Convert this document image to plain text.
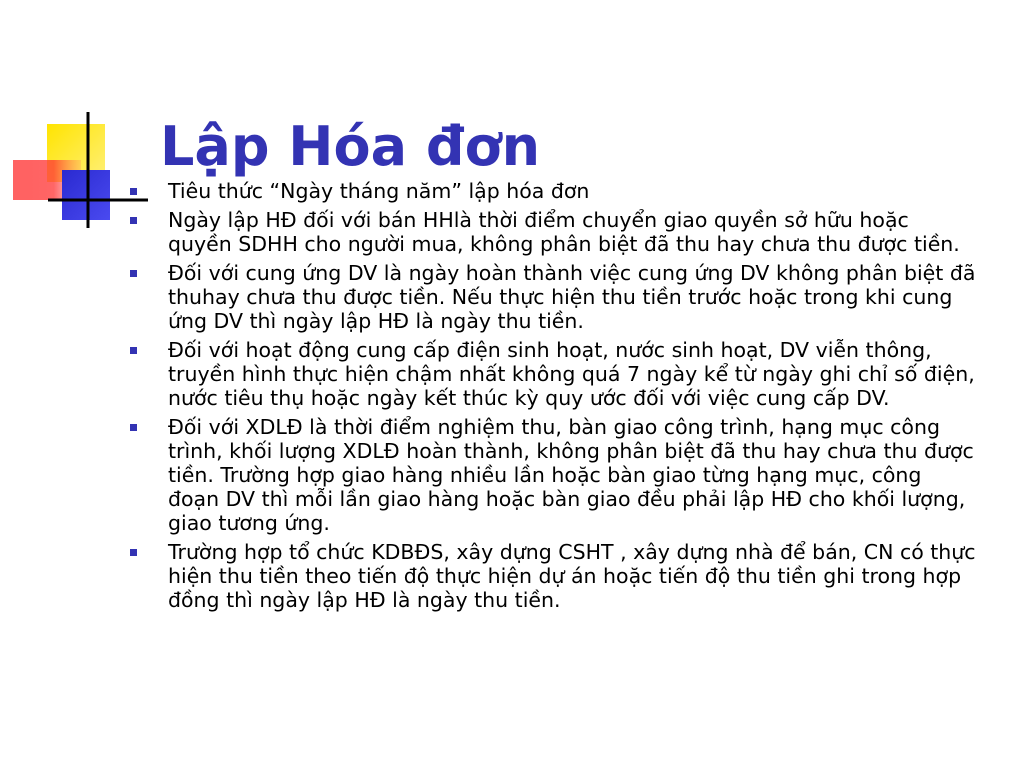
Lập Hóa đơn
Tiêu thức “Ngày tháng năm” lập hóa đơn
Ngày lập HĐ đối với bán HHlà thời điểm chuyển giao quyền sở hữu hoặc quyền SDHH cho người mua, không phân biệt đã thu hay chưa thu được tiền.
Đối với cung ứng DV là ngày hoàn thành việc cung ứng DV không phân biệt đã thuhay chưa thu được tiền. Nếu thực hiện thu tiền trước hoặc trong khi cung ứng DV thì ngày lập HĐ là ngày thu tiền.
Đối với hoạt động cung cấp điện sinh hoạt, nước sinh hoạt, DV viễn thông, truyền hình thực hiện chậm nhất không quá 7 ngày kể từ ngày ghi chỉ số điện, nước tiêu thụ hoặc ngày kết thúc kỳ quy ước đối với việc cung cấp DV.
Đối với XDLĐ là thời điểm nghiệm thu, bàn giao công trình, hạng mục công trình, khối lượng XDLĐ hoàn thành, không phân biệt đã thu hay chưa thu được tiền. Trường hợp giao hàng nhiều lần hoặc bàn giao từng hạng mục, công đoạn DV thì mỗi lần giao hàng hoặc bàn giao đều phải lập HĐ cho khối lượng, giao tương ứng.
Trường hợp tổ chức KDBĐS, xây dựng CSHT , xây dựng nhà để bán, CN có thực hiện thu tiền theo tiến độ thực hiện dự án hoặc tiến độ thu tiền ghi trong hợp đồng thì ngày lập HĐ là ngày thu tiền.
